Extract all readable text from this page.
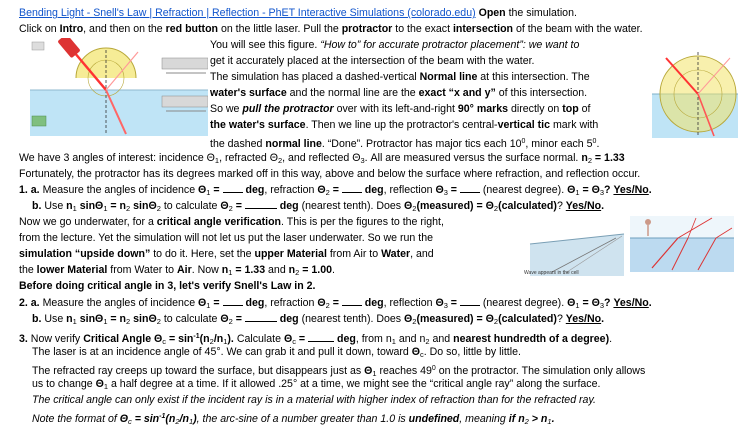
Bending Light - Snell's Law | Refraction | Reflection - PhET Interactive Simulations (colorado.edu) Open the simulation.
Click on Intro, and then on the red button on the little laser. Pull the protractor to the exact intersection of the beam with the water.
You will see this figure. “How to” for accurate protractor placement”: we want to
get it accurately placed at the intersection of the beam with the water.
The simulation has placed a dashed-vertical Normal line at this intersection. The
water's surface and the normal line are the exact “x and y” of this intersection.
So we pull the protractor over with its left-and-right 90° marks directly on top of
the water's surface. Then we line up the protractor's central-vertical tic mark with
the dashed normal line. “Done”. Protractor has major tics each $10^0$, minor each $5^0$.
We have 3 angles of interest: incidence $\Theta_1$, refracted $\Theta_2$, and reflected $\Theta_3$. All are measured versus the surface normal. $n_2 = 1.33$
Fortunately, the protractor has its degrees marked off in this way, above and below the surface where refraction, and reflection occur.
1. a. Measure the angles of incidence $\Theta_1$ =  deg, refraction $\Theta_2$ =  deg, reflection $\Theta_3$ =  (nearest degree). $\Theta_1 = \Theta_3$? Yes/No.
b. Use $n_1$ $\sin\Theta_1 = n_2$ sinΘ$_2$ to calculate $\Theta_2$ =	deg (nearest tenth). Does $\Theta_2(measured)$ = $\Theta_2(calculated)$? Yes/No.
Wave appears in the cell
Now we go underwater, for a critical angle verification. This is per the figures to the right,
from the lecture. Yet the simulation will not let us put the laser underwater. So we run the
simulation “upside down” to do it. Here, set the upper Material from Air to Water, and
the lower Material from Water to Air. Now $n_1 = 1.33$ and $n_2 = 1.00$.
Before doing critical angle in 3, let's verify Snell's Law in 2.
2. a. Measure the angles of incidence $\Theta_1$ =  deg, refraction $\Theta_2$ =  deg, reflection $\Theta_3$ =  (nearest degree). $\Theta_1 = \Theta_3$? Yes/No.
b. Use $n_1$ $\sin\Theta_1 = n_2$ sinΘ$_2$ to calculate $\Theta_2$ =	deg (nearest tenth). Does $\Theta_2(measured)$ = $\Theta_2(calculated)$? Yes/No.
3. Now verify Critical Angle $\Theta_c = \sin^{-1}(n_2/n_1)$. Calculate $\Theta_c$ =  deg, from $n_1$ and $n_2$ and nearest hundredth of a degree).
The laser is at an incidence angle of 45°. We can grab it and pull it down, toward $\Theta_c$. Do so, little by little.
The refracted ray creeps up toward the surface, but disappears just as $\Theta_1$ reaches $49^0$ on the protractor. The simulation only allows
us to change $\Theta_1$ a half degree at a time. If it allowed .25° at a time, we might see the “critical angle ray” along the surface.
The critical angle can only exist if the incident ray is in a material with higher index of refraction than for the refracted ray.
Note the format of $\Theta_c = \sin^{-1}(n_2/n_1)$, the arc-sine of a number greater than 1.0 is undefined, meaning if $n_2 > n_1$.
